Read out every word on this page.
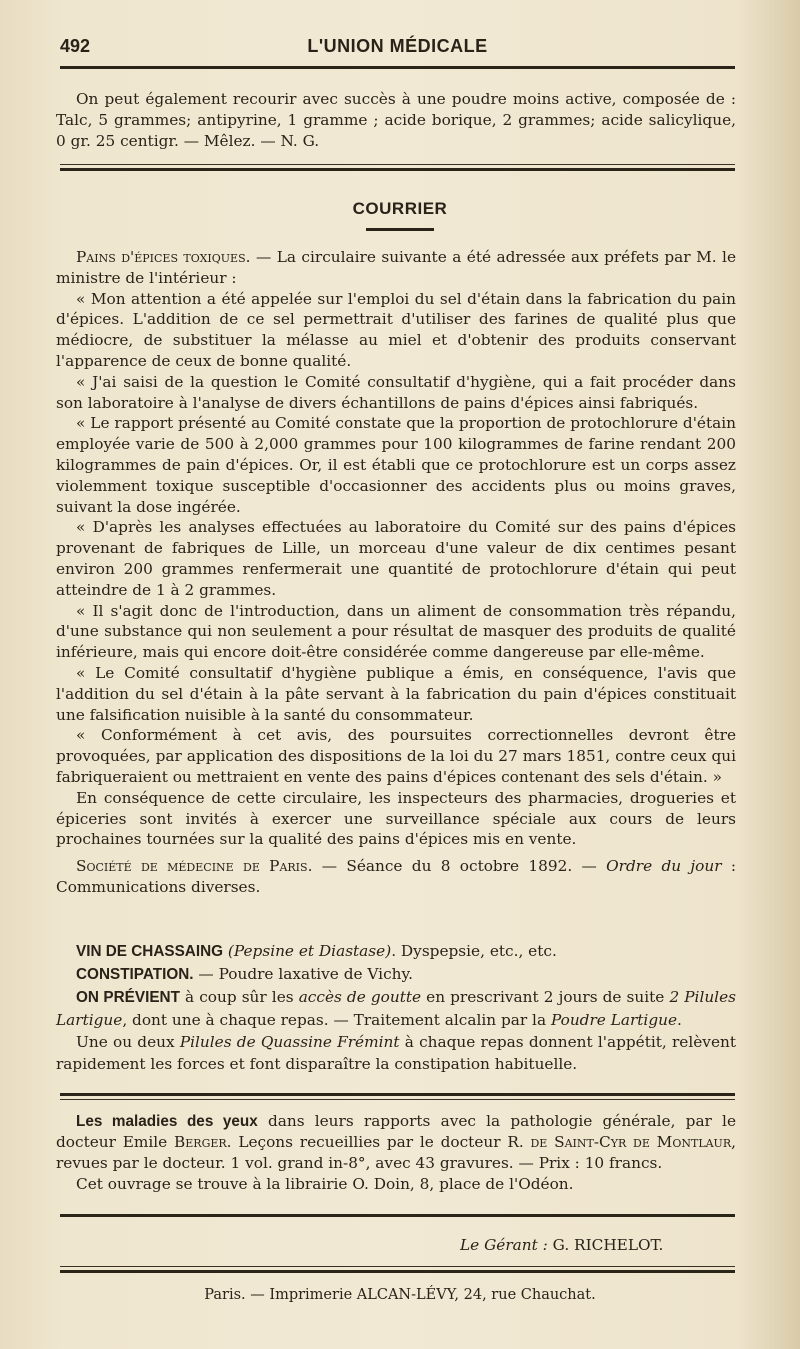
492	L'UNION MÉDICALE

On peut également recourir avec succès à une poudre moins active, composée de : Talc, 5 grammes; antipyrine, 1 gramme ; acide borique, 2 grammes; acide salicylique, 0 gr. 25 centigr. — Mêlez. — N. G.

COURRIER

Pains d'épices toxiques. — La circulaire suivante a été adressée aux préfets par M. le ministre de l'intérieur :

« Mon attention a été appelée sur l'emploi du sel d'étain dans la fabrication du pain d'épices. L'addition de ce sel permettrait d'utiliser des farines de qualité plus que médiocre, de substituer la mélasse au miel et d'obtenir des produits conservant l'apparence de ceux de bonne qualité.

« J'ai saisi de la question le Comité consultatif d'hygiène, qui a fait procéder dans son laboratoire à l'analyse de divers échantillons de pains d'épices ainsi fabriqués.

« Le rapport présenté au Comité constate que la proportion de protochlorure d'étain employée varie de 500 à 2,000 grammes pour 100 kilogrammes de farine rendant 200 kilogrammes de pain d'épices. Or, il est établi que ce protochlorure est un corps assez violemment toxique susceptible d'occasionner des accidents plus ou moins graves, suivant la dose ingérée.

« D'après les analyses effectuées au laboratoire du Comité sur des pains d'épices provenant de fabriques de Lille, un morceau d'une valeur de dix centimes pesant environ 200 grammes renfermerait une quantité de protochlorure d'étain qui peut atteindre de 1 à 2 grammes.

« Il s'agit donc de l'introduction, dans un aliment de consommation très répandu, d'une substance qui non seulement a pour résultat de masquer des produits de qualité inférieure, mais qui encore doit-être considérée comme dangereuse par elle-même.

« Le Comité consultatif d'hygiène publique a émis, en conséquence, l'avis que l'addition du sel d'étain à la pâte servant à la fabrication du pain d'épices constituait une falsification nuisible à la santé du consommateur.

« Conformément à cet avis, des poursuites correctionnelles devront être provoquées, par application des dispositions de la loi du 27 mars 1851, contre ceux qui fabriqueraient ou mettraient en vente des pains d'épices contenant des sels d'étain. »

En conséquence de cette circulaire, les inspecteurs des pharmacies, drogueries et épiceries sont invités à exercer une surveillance spéciale aux cours de leurs prochaines tournées sur la qualité des pains d'épices mis en vente.

Société de médecine de Paris. — Séance du 8 octobre 1892. — Ordre du jour : Communications diverses.

VIN DE CHASSAING (Pepsine et Diastase). Dyspepsie, etc., etc.

CONSTIPATION. — Poudre laxative de Vichy.

ON PRÉVIENT à coup sûr les accès de goutte en prescrivant 2 jours de suite 2 Pilules Lartigue, dont une à chaque repas. — Traitement alcalin par la Poudre Lartigue.

Une ou deux Pilules de Quassine Frémint à chaque repas donnent l'appétit, relèvent rapidement les forces et font disparaître la constipation habituelle.

Les maladies des yeux dans leurs rapports avec la pathologie générale, par le docteur Emile Berger. Leçons recueillies par le docteur R. de Saint-Cyr de Montlaur, revues par le docteur. 1 vol. grand in-8°, avec 43 gravures. — Prix : 10 francs.

Cet ouvrage se trouve à la librairie O. Doin, 8, place de l'Odéon.

Le Gérant : G. RICHELOT.
Paris. — Imprimerie ALCAN-LÉVY, 24, rue Chauchat.
